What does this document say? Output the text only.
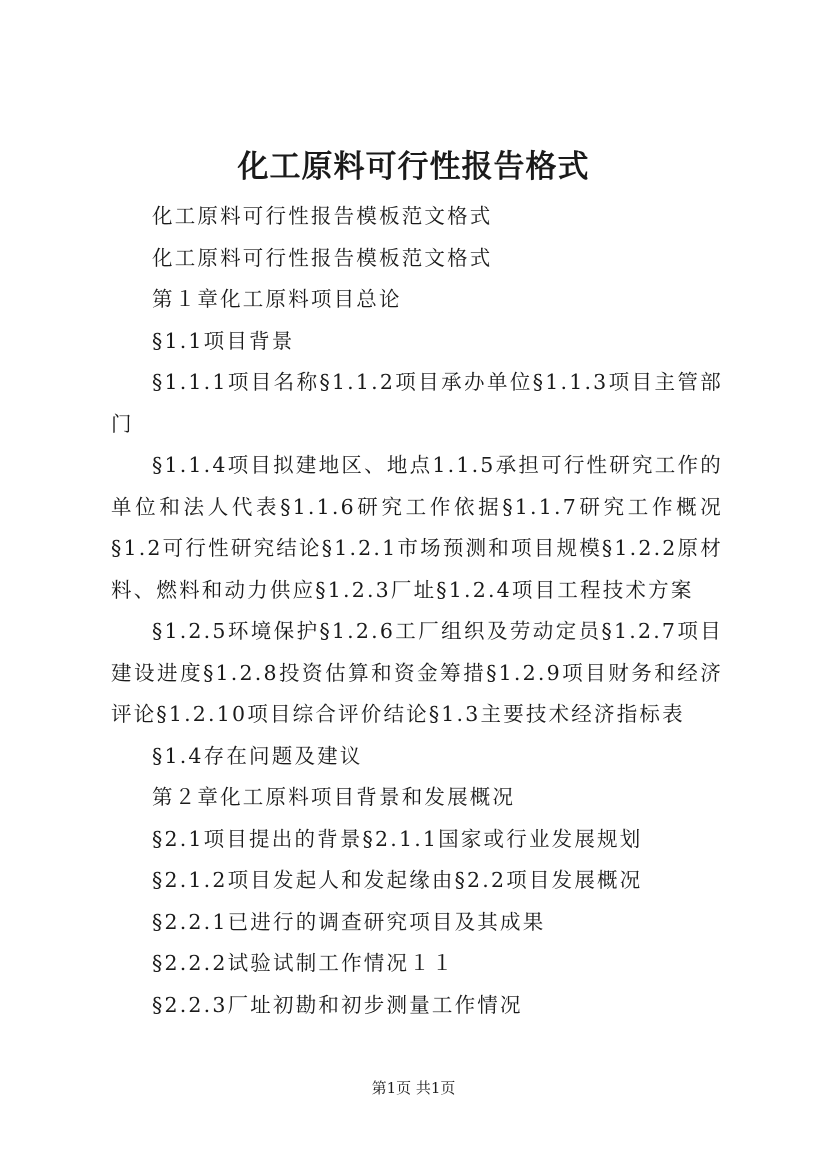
化工原料可行性报告格式

化工原料可行性报告模板范文格式

化工原料可行性报告模板范文格式

第１章化工原料项目总论

§1.1项目背景

§1.1.1项目名称§1.1.2项目承办单位§1.1.3项目主管部门

§1.1.4项目拟建地区、地点1.1.5承担可行性研究工作的单位和法人代表§1.1.6研究工作依据§1.1.7研究工作概况§1.2可行性研究结论§1.2.1市场预测和项目规模§1.2.2原材料、燃料和动力供应§1.2.3厂址§1.2.4项目工程技术方案

§1.2.5环境保护§1.2.6工厂组织及劳动定员§1.2.7项目建设进度§1.2.8投资估算和资金筹措§1.2.9项目财务和经济评论§1.2.10项目综合评价结论§1.3主要技术经济指标表

§1.4存在问题及建议

第２章化工原料项目背景和发展概况

§2.1项目提出的背景§2.1.1国家或行业发展规划

§2.1.2项目发起人和发起缘由§2.2项目发展概况

§2.2.1已进行的调查研究项目及其成果

§2.2.2试验试制工作情况１１

§2.2.3厂址初勘和初步测量工作情况

第1页 共1页
